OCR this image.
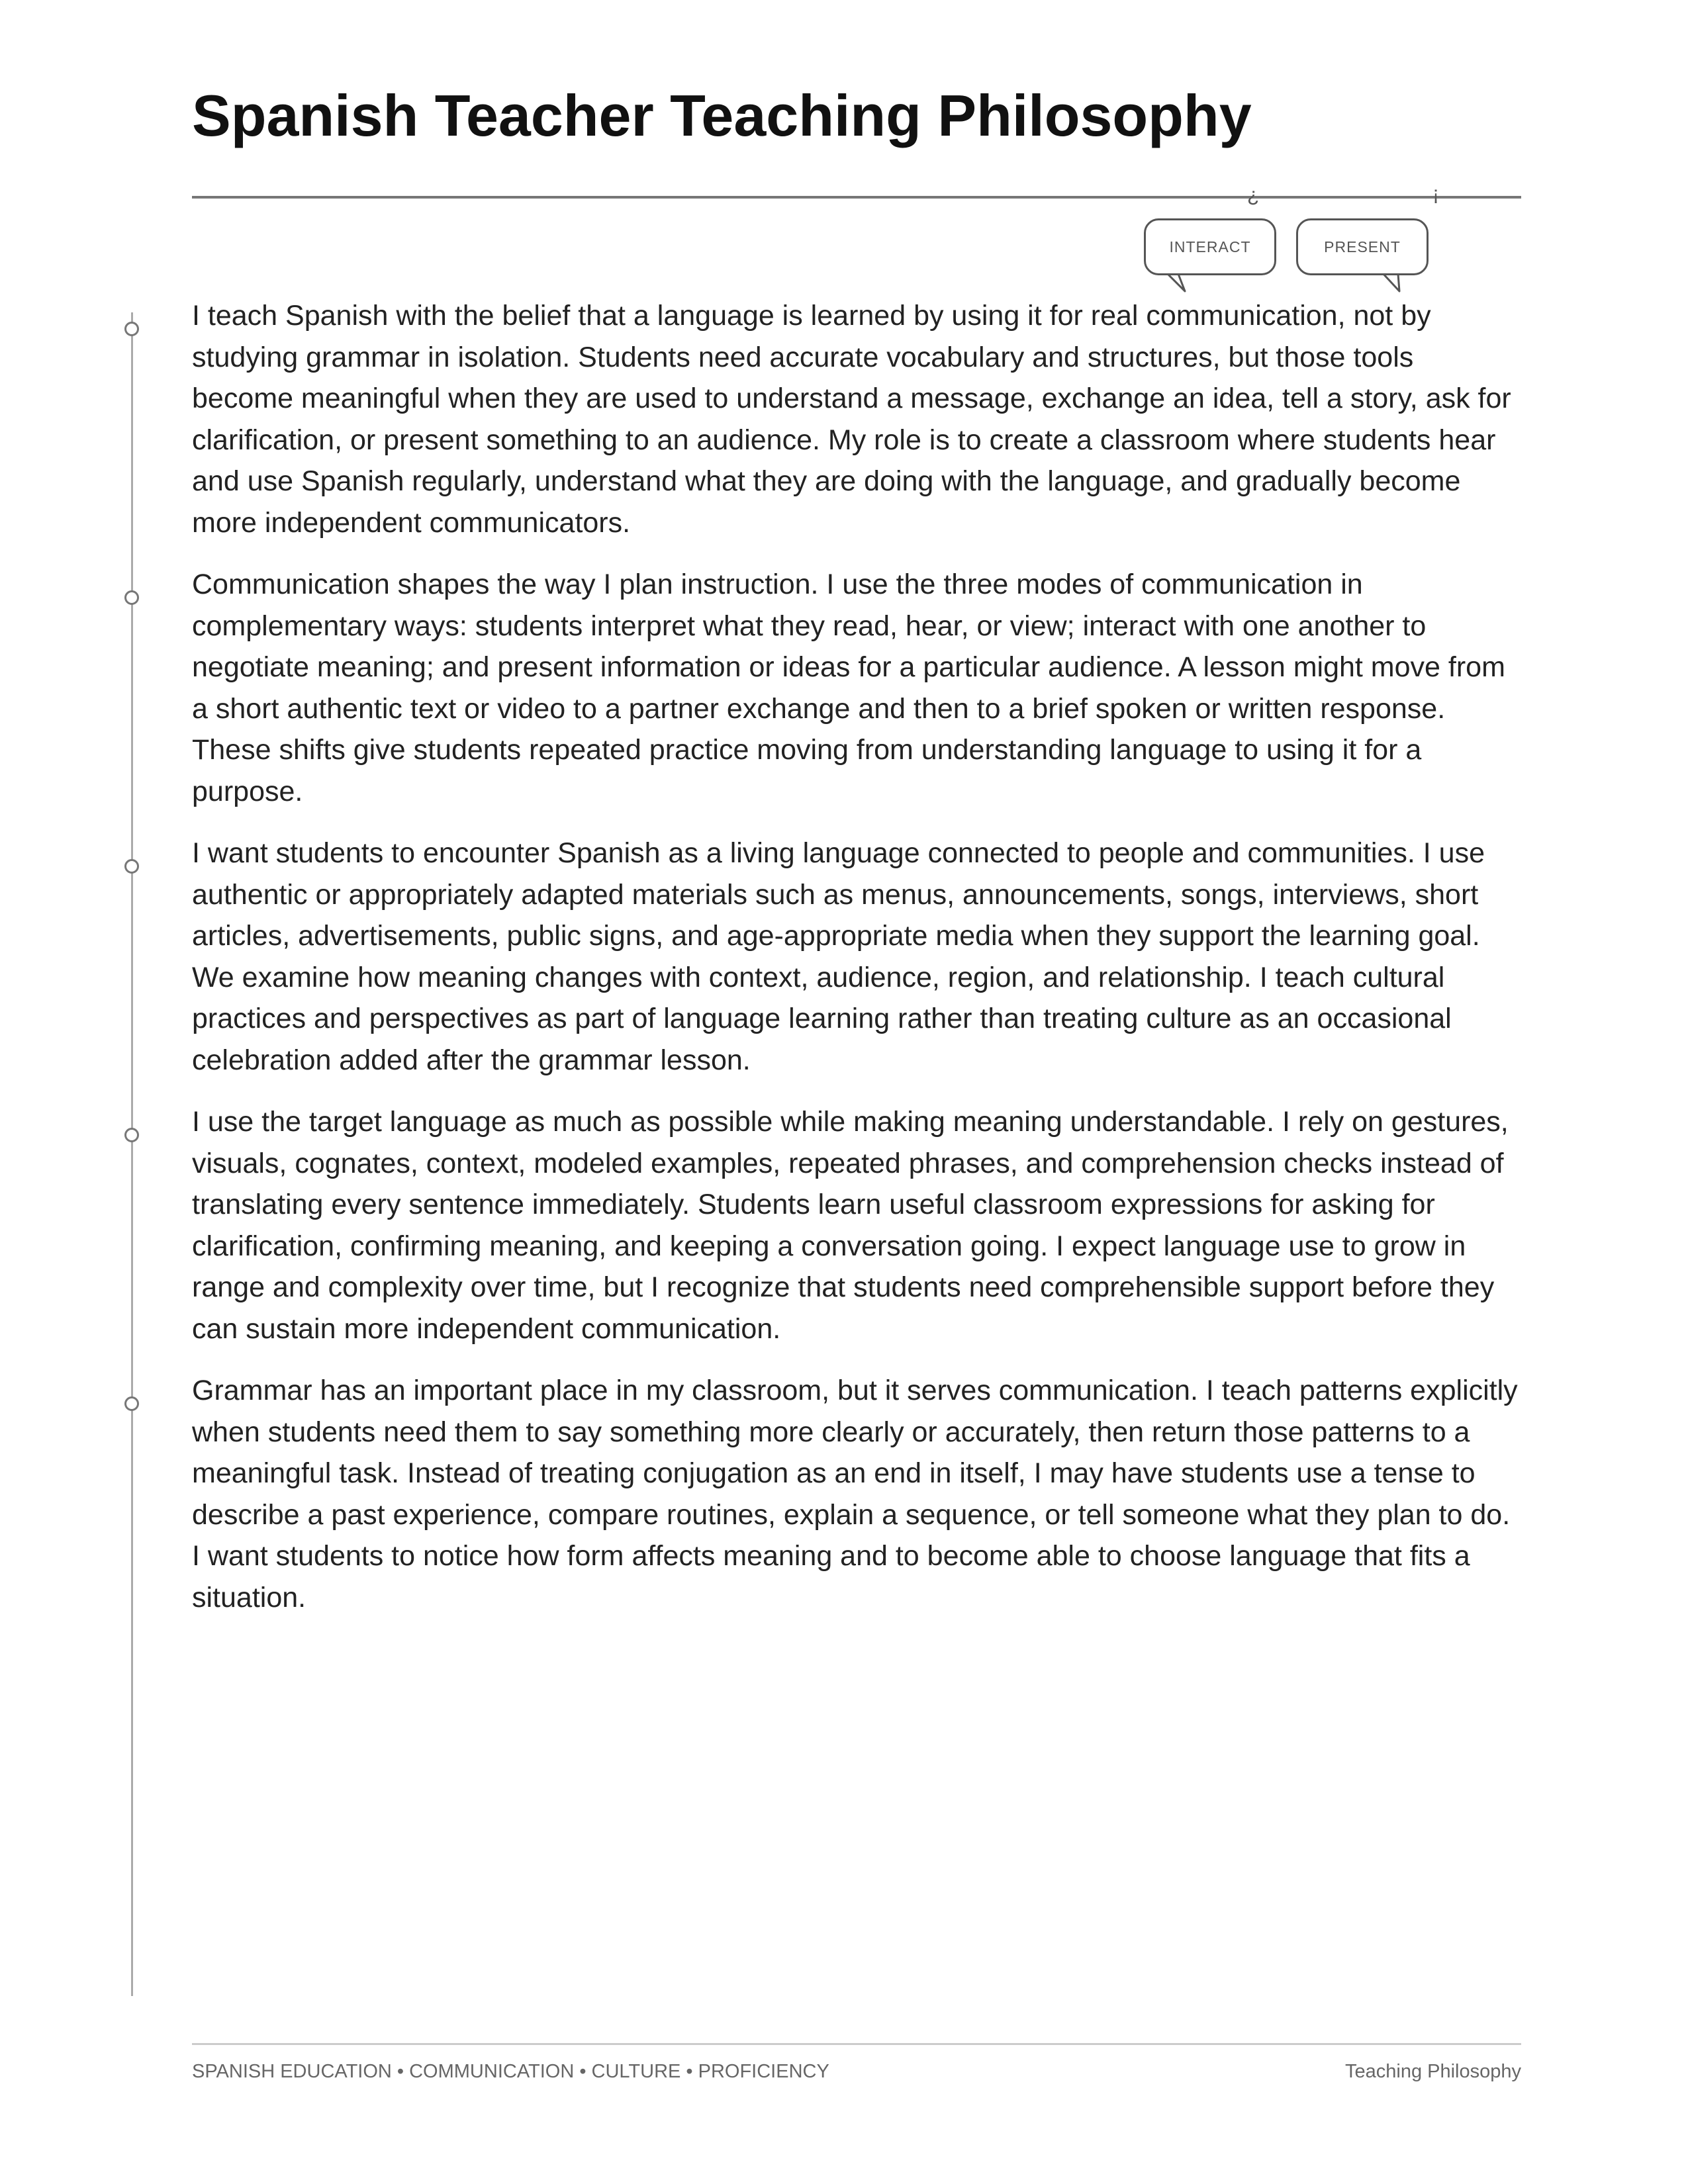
Spanish Teacher Teaching Philosophy
¿	¡
INTERACT	PRESENT

I teach Spanish with the belief that a language is learned by using it for real communication, not by studying grammar in isolation. Students need accurate vocabulary and structures, but those tools become meaningful when they are used to understand a message, exchange an idea, tell a story, ask for clarification, or present something to an audience. My role is to create a classroom where students hear and use Spanish regularly, understand what they are doing with the language, and gradually become more independent communicators.

Communication shapes the way I plan instruction. I use the three modes of communication in complementary ways: students interpret what they read, hear, or view; interact with one another to negotiate meaning; and present information or ideas for a particular audience. A lesson might move from a short authentic text or video to a partner exchange and then to a brief spoken or written response. These shifts give students repeated practice moving from understanding language to using it for a purpose.

I want students to encounter Spanish as a living language connected to people and communities. I use authentic or appropriately adapted materials such as menus, announcements, songs, interviews, short articles, advertisements, public signs, and age-appropriate media when they support the learning goal. We examine how meaning changes with context, audience, region, and relationship. I teach cultural practices and perspectives as part of language learning rather than treating culture as an occasional celebration added after the grammar lesson.

I use the target language as much as possible while making meaning understandable. I rely on gestures, visuals, cognates, context, modeled examples, repeated phrases, and comprehension checks instead of translating every sentence immediately. Students learn useful classroom expressions for asking for clarification, confirming meaning, and keeping a conversation going. I expect language use to grow in range and complexity over time, but I recognize that students need comprehensible support before they can sustain more independent communication.

Grammar has an important place in my classroom, but it serves communication. I teach patterns explicitly when students need them to say something more clearly or accurately, then return those patterns to a meaningful task. Instead of treating conjugation as an end in itself, I may have students use a tense to describe a past experience, compare routines, explain a sequence, or tell someone what they plan to do. I want students to notice how form affects meaning and to become able to choose language that fits a situation.

SPANISH EDUCATION • COMMUNICATION • CULTURE • PROFICIENCY	Teaching Philosophy
